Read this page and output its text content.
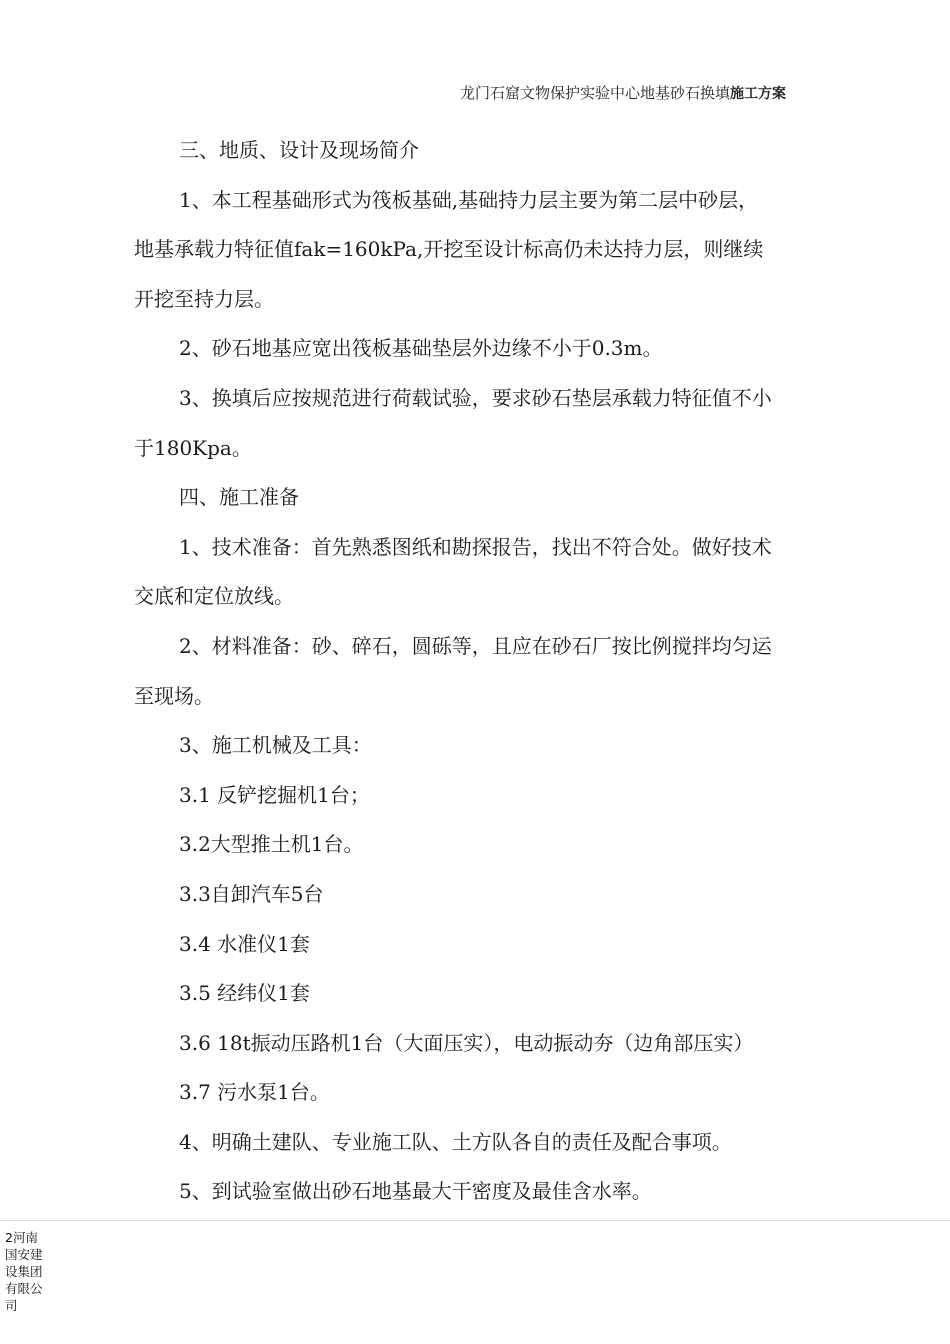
龙门石窟文物保护实验中心地基砂石换填施工方案
三、地质、设计及现场简介
1、本工程基础形式为筏板基础,基础持力层主要为第二层中砂层，
地基承载力特征值fak=160kPa,开挖至设计标高仍未达持力层，则继续
开挖至持力层。
2、砂石地基应宽出筏板基础垫层外边缘不小于0.3m。
3、换填后应按规范进行荷载试验，要求砂石垫层承载力特征值不小
于180Kpa。
四、施工准备
1、技术准备：首先熟悉图纸和勘探报告，找出不符合处。做好技术
交底和定位放线。
2、材料准备：砂、碎石，圆砾等，且应在砂石厂按比例搅拌均匀运
至现场。
3、施工机械及工具：
3.1 反铲挖掘机1台；
3.2大型推土机1台。
3.3自卸汽车5台
3.4 水准仪1套
3.5 经纬仪1套
3.6 18t振动压路机1台（大面压实），电动振动夯（边角部压实）
3.7 污水泵1台。
4、明确土建队、专业施工队、土方队各自的责任及配合事项。
5、到试验室做出砂石地基最大干密度及最佳含水率。
2河南国安建设集团有限公司
